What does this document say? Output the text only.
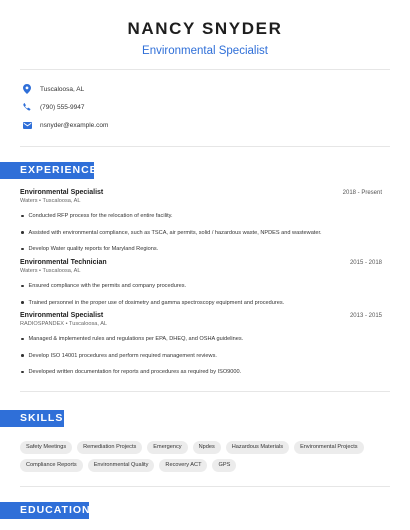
NANCY SNYDER
Environmental Specialist
Tuscaloosa, AL
(790) 555-9947
nsnyder@example.com
EXPERIENCE
Environmental Specialist	2018 - Present
Waters • Tuscaloosa, AL
Conducted RFP process for the relocation of entire facility.
Assisted with environmental compliance, such as TSCA, air permits, solid / hazardous waste, NPDES and wastewater.
Develop Water quality reports for Maryland Regions.
Environmental Technician	2015 - 2018
Waters • Tuscaloosa, AL
Ensured compliance with the permits and company procedures.
Trained personnel in the proper use of dosimetry and gamma spectroscopy equipment and procedures.
Environmental Specialist	2013 - 2015
RADIOSPANDEX • Tuscaloosa, AL
Managed & implemented rules and regulations per EPA, DHEQ, and OSHA guidelines.
Develop ISO 14001 procedures and perform required management reviews.
Developed written documentation for reports and procedures as required by ISO9000.
SKILLS
Safety Meetings	Remediation Projects	Emergency	Npdes	Hazardous Materials	Environmental Projects
Compliance Reports	Environmental Quality	Recovery ACT	GPS
EDUCATION
